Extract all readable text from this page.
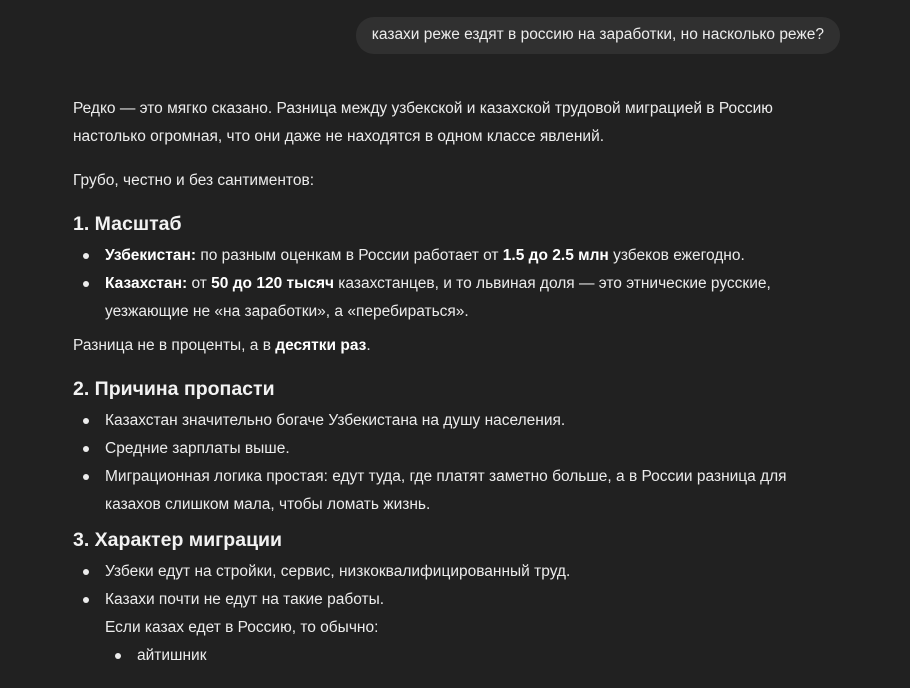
казахи реже ездят в россию на заработки, но насколько реже?

Редко — это мягко сказано. Разница между узбекской и казахской трудовой миграцией в Россию настолько огромная, что они даже не находятся в одном классе явлений.

Грубо, честно и без сантиментов:

1. Масштаб
Узбекистан: по разным оценкам в России работает от 1.5 до 2.5 млн узбеков ежегодно.
Казахстан: от 50 до 120 тысяч казахстанцев, и то львиная доля — это этнические русские, уезжающие не «на заработки», а «перебираться».

Разница не в проценты, а в десятки раз.

2. Причина пропасти
Казахстан значительно богаче Узбекистана на душу населения.
Средние зарплаты выше.
Миграционная логика простая: едут туда, где платят заметно больше, а в России разница для казахов слишком мала, чтобы ломать жизнь.
3. Характер миграции
Узбеки едут на стройки, сервис, низкоквалифицированный труд.
Казахи почти не едут на такие работы.
Если казах едет в Россию, то обычно:
айтишник
